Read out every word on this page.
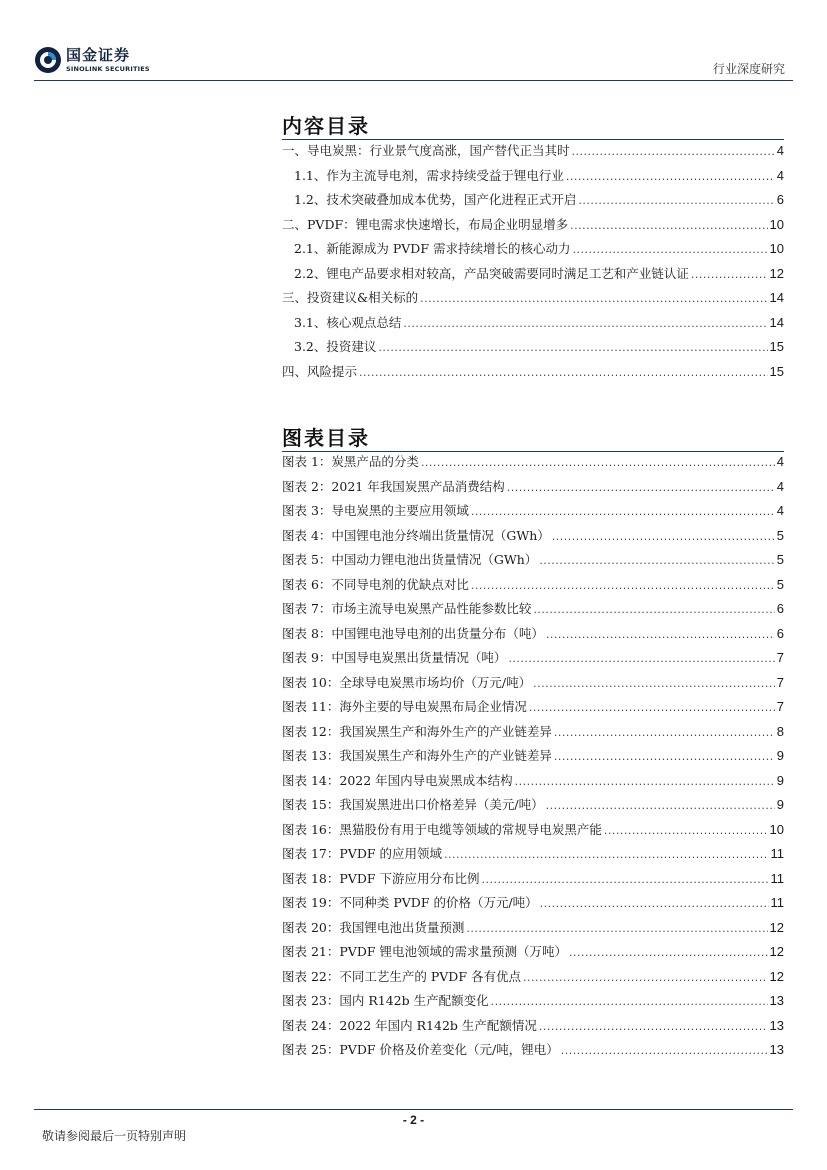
国金证券
SINOLINK SECURITIES	行业深度研究
内容目录
一、导电炭黑：行业景气度高涨，国产替代正当其时 .....	4
1.1、作为主流导电剂，需求持续受益于锂电行业 .....	4
1.2、技术突破叠加成本优势，国产化进程正式开启 .....	6
二、PVDF：锂电需求快速增长，布局企业明显增多 .....	10
2.1、新能源成为 PVDF 需求持续增长的核心动力 .....	10
2.2、锂电产品要求相对较高，产品突破需要同时满足工艺和产业链认证 .....	12
三、投资建议&相关标的 .....	14
3.1、核心观点总结 .....	14
3.2、投资建议 .....	15
四、风险提示 .....	15
图表目录
图表 1：炭黑产品的分类 .....	4
图表 2：2021 年我国炭黑产品消费结构 .....	4
图表 3：导电炭黑的主要应用领域 .....	4
图表 4：中国锂电池分终端出货量情况（GWh） .....	5
图表 5：中国动力锂电池出货量情况（GWh） .....	5
图表 6：不同导电剂的优缺点对比 .....	5
图表 7：市场主流导电炭黑产品性能参数比较 .....	6
图表 8：中国锂电池导电剂的出货量分布（吨） .....	6
图表 9：中国导电炭黑出货量情况（吨） .....	7
图表 10：全球导电炭黑市场均价（万元/吨） .....	7
图表 11：海外主要的导电炭黑布局企业情况 .....	7
图表 12：我国炭黑生产和海外生产的产业链差异 .....	8
图表 13：我国炭黑生产和海外生产的产业链差异 .....	9
图表 14：2022 年国内导电炭黑成本结构 .....	9
图表 15：我国炭黑进出口价格差异（美元/吨） .....	9
图表 16：黑猫股份有用于电缆等领域的常规导电炭黑产能 .....	10
图表 17：PVDF 的应用领域 .....	11
图表 18：PVDF 下游应用分布比例 .....	11
图表 19：不同种类 PVDF 的价格（万元/吨） .....	11
图表 20：我国锂电池出货量预测 .....	12
图表 21：PVDF 锂电池领域的需求量预测（万吨） .....	12
图表 22：不同工艺生产的 PVDF 各有优点 .....	12
图表 23：国内 R142b 生产配额变化 .....	13
图表 24：2022 年国内 R142b 生产配额情况 .....	13
图表 25：PVDF 价格及价差变化（元/吨，锂电） .....	13
- 2 -
敬请参阅最后一页特别声明
